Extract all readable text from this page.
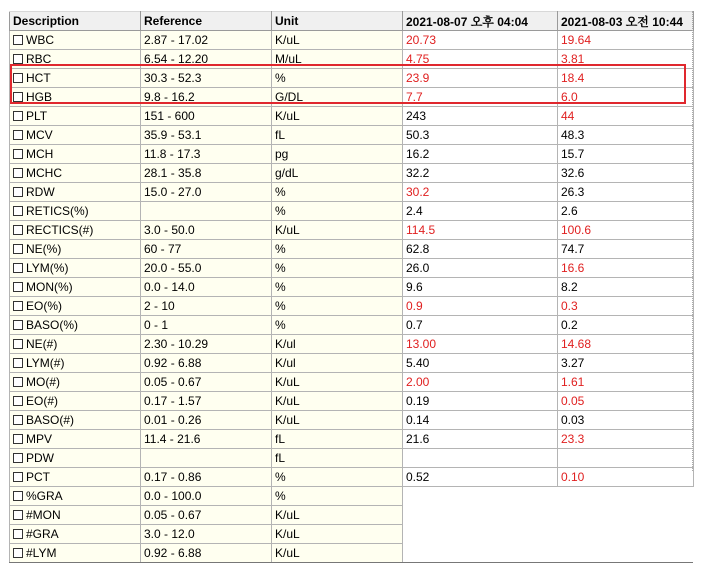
Description	Reference	Unit	2021-08-07 오후 04:04	2021-08-03 오전 10:44
WBC	2.87 - 17.02	K/uL	20.73	19.64
RBC	6.54 - 12.20	M/uL	4.75	3.81
HCT	30.3 - 52.3	%	23.9	18.4
HGB	9.8 - 16.2	G/DL	7.7	6.0
PLT	151 - 600	K/uL	243	44
MCV	35.9 - 53.1	fL	50.3	48.3
MCH	11.8 - 17.3	pg	16.2	15.7
MCHC	28.1 - 35.8	g/dL	32.2	32.6
RDW	15.0 - 27.0	%	30.2	26.3
RETICS(%)		%	2.4	2.6
RECTICS(#)	3.0 - 50.0	K/uL	114.5	100.6
NE(%)	60 - 77	%	62.8	74.7
LYM(%)	20.0 - 55.0	%	26.0	16.6
MON(%)	0.0 - 14.0	%	9.6	8.2
EO(%)	2 - 10	%	0.9	0.3
BASO(%)	0 - 1	%	0.7	0.2
NE(#)	2.30 - 10.29	K/ul	13.00	14.68
LYM(#)	0.92 - 6.88	K/ul	5.40	3.27
MO(#)	0.05 - 0.67	K/uL	2.00	1.61
EO(#)	0.17 - 1.57	K/uL	0.19	0.05
BASO(#)	0.01 - 0.26	K/uL	0.14	0.03
MPV	11.4 - 21.6	fL	21.6	23.3
PDW		fL		
PCT	0.17 - 0.86	%	0.52	0.10
%GRA	0.0 - 100.0	%		
#MON	0.05 - 0.67	K/uL		
#GRA	3.0 - 12.0	K/uL		
#LYM	0.92 - 6.88	K/uL		
